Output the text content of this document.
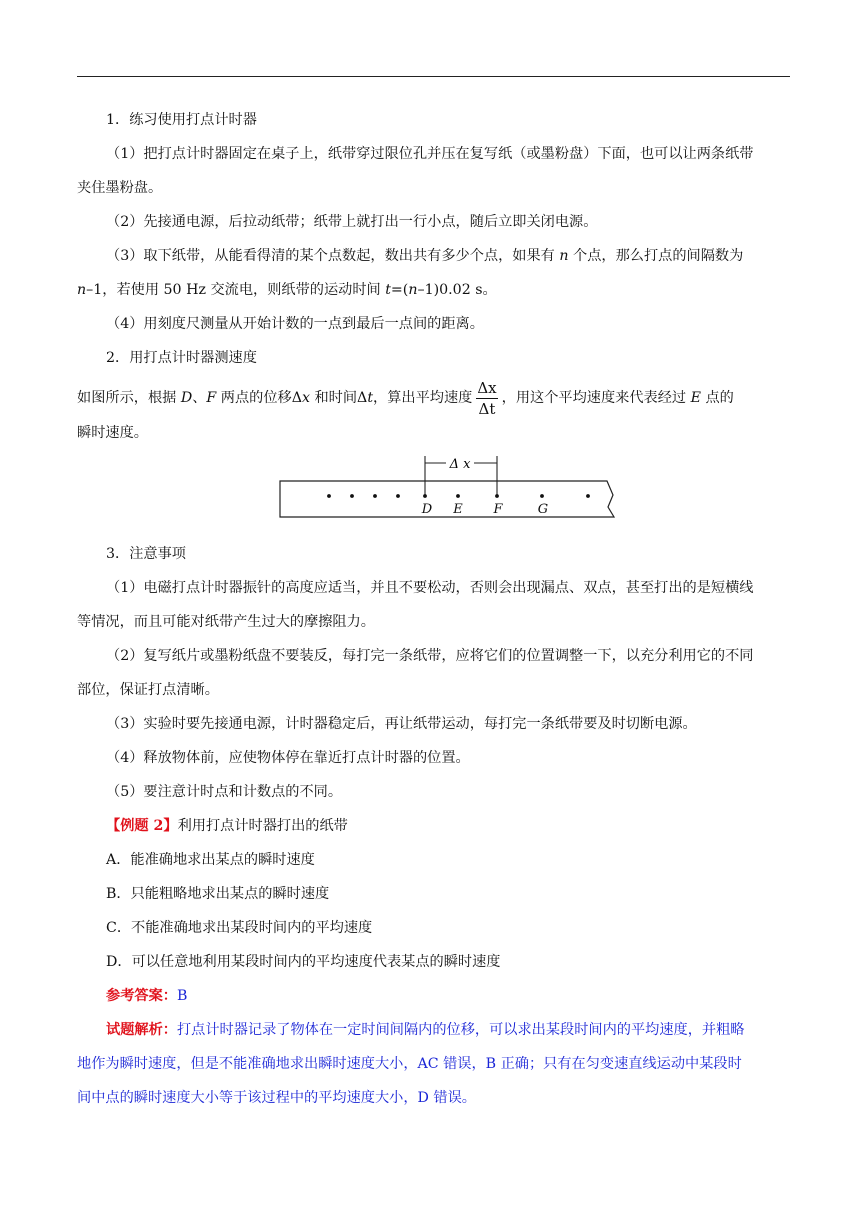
1．练习使用打点计时器

（1）把打点计时器固定在桌子上，纸带穿过限位孔并压在复写纸（或墨粉盘）下面，也可以让两条纸带

夹住墨粉盘。

（2）先接通电源，后拉动纸带；纸带上就打出一行小点，随后立即关闭电源。

（3）取下纸带，从能看得清的某个点数起，数出共有多少个点，如果有 n 个点，那么打点的间隔数为

n–1，若使用 50 Hz 交流电，则纸带的运动时间 t=(n–1)0.02 s。

（4）用刻度尺测量从开始计数的一点到最后一点间的距离。

2．用打点计时器测速度

如图所示，根据 D、F 两点的位移Δx 和时间Δt，算出平均速度 $\frac{\Delta x}{\Delta t}$ ，用这个平均速度来代表经过 E 点的

瞬时速度。

3．注意事项

（1）电磁打点计时器振针的高度应适当，并且不要松动，否则会出现漏点、双点，甚至打出的是短横线

等情况，而且可能对纸带产生过大的摩擦阻力。

（2）复写纸片或墨粉纸盘不要装反，每打完一条纸带，应将它们的位置调整一下，以充分利用它的不同

部位，保证打点清晰。

（3）实验时要先接通电源，计时器稳定后，再让纸带运动，每打完一条纸带要及时切断电源。

（4）释放物体前，应使物体停在靠近打点计时器的位置。

（5）要注意计时点和计数点的不同。

【例题 2】利用打点计时器打出的纸带

A．能准确地求出某点的瞬时速度

B．只能粗略地求出某点的瞬时速度

C．不能准确地求出某段时间内的平均速度

D．可以任意地利用某段时间内的平均速度代表某点的瞬时速度

参考答案：B

试题解析：打点计时器记录了物体在一定时间间隔内的位移，可以求出某段时间内的平均速度，并粗略

地作为瞬时速度，但是不能准确地求出瞬时速度大小，AC 错误，B 正确；只有在匀变速直线运动中某段时

间中点的瞬时速度大小等于该过程中的平均速度大小，D 错误。

Δ x
D E F	G
